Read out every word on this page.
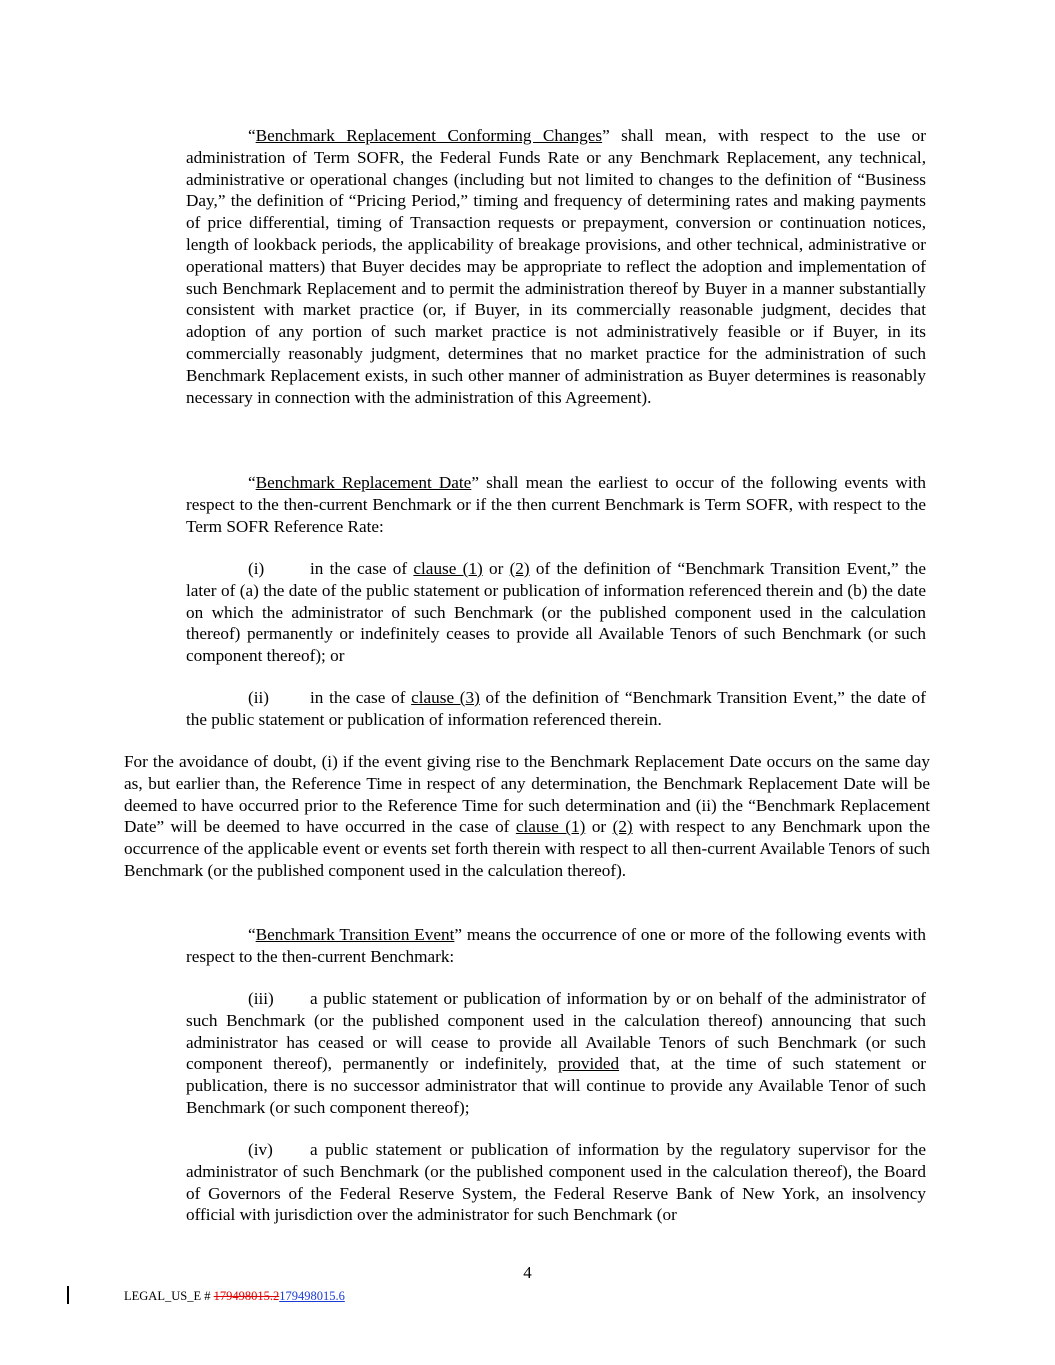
“Benchmark Replacement Conforming Changes” shall mean, with respect to the use or administration of Term SOFR, the Federal Funds Rate or any Benchmark Replacement, any technical, administrative or operational changes (including but not limited to changes to the definition of “Business Day,” the definition of “Pricing Period,” timing and frequency of determining rates and making payments of price differential, timing of Transaction requests or prepayment, conversion or continuation notices, length of lookback periods, the applicability of breakage provisions, and other technical, administrative or operational matters) that Buyer decides may be appropriate to reflect the adoption and implementation of such Benchmark Replacement and to permit the administration thereof by Buyer in a manner substantially consistent with market practice (or, if Buyer, in its commercially reasonable judgment, decides that adoption of any portion of such market practice is not administratively feasible or if Buyer, in its commercially reasonably judgment, determines that no market practice for the administration of such Benchmark Replacement exists, in such other manner of administration as Buyer determines is reasonably necessary in connection with the administration of this Agreement).

“Benchmark Replacement Date” shall mean the earliest to occur of the following events with respect to the then-current Benchmark or if the then current Benchmark is Term SOFR, with respect to the Term SOFR Reference Rate:

(i)	in the case of clause (1) or (2) of the definition of “Benchmark Transition Event,” the later of (a) the date of the public statement or publication of information referenced therein and (b) the date on which the administrator of such Benchmark (or the published component used in the calculation thereof) permanently or indefinitely ceases to provide all Available Tenors of such Benchmark (or such component thereof); or

(ii) in the case of clause (3) of the definition of “Benchmark Transition Event,” the date of the public statement or publication of information referenced therein.

For the avoidance of doubt, (i) if the event giving rise to the Benchmark Replacement Date occurs on the same day as, but earlier than, the Reference Time in respect of any determination, the Benchmark Replacement Date will be deemed to have occurred prior to the Reference Time for such determination and (ii) the “Benchmark Replacement Date” will be deemed to have occurred in the case of clause (1) or (2) with respect to any Benchmark upon the occurrence of the applicable event or events set forth therein with respect to all then-current Available Tenors of such Benchmark (or the published component used in the calculation thereof).

“Benchmark Transition Event” means the occurrence of one or more of the following events with respect to the then-current Benchmark:

(iii) a public statement or publication of information by or on behalf of the administrator of such Benchmark (or the published component used in the calculation thereof) announcing that such administrator has ceased or will cease to provide all Available Tenors of such Benchmark (or such component thereof), permanently or indefinitely, provided that, at the time of such statement or publication, there is no successor administrator that will continue to provide any Available Tenor of such Benchmark (or such component thereof);

(iv) a public statement or publication of information by the regulatory supervisor for the administrator of such Benchmark (or the published component used in the calculation thereof), the Board of Governors of the Federal Reserve System, the Federal Reserve Bank of New York, an insolvency official with jurisdiction over the administrator for such Benchmark (or

4
LEGAL_US_E # 179498015.2179498015.6
